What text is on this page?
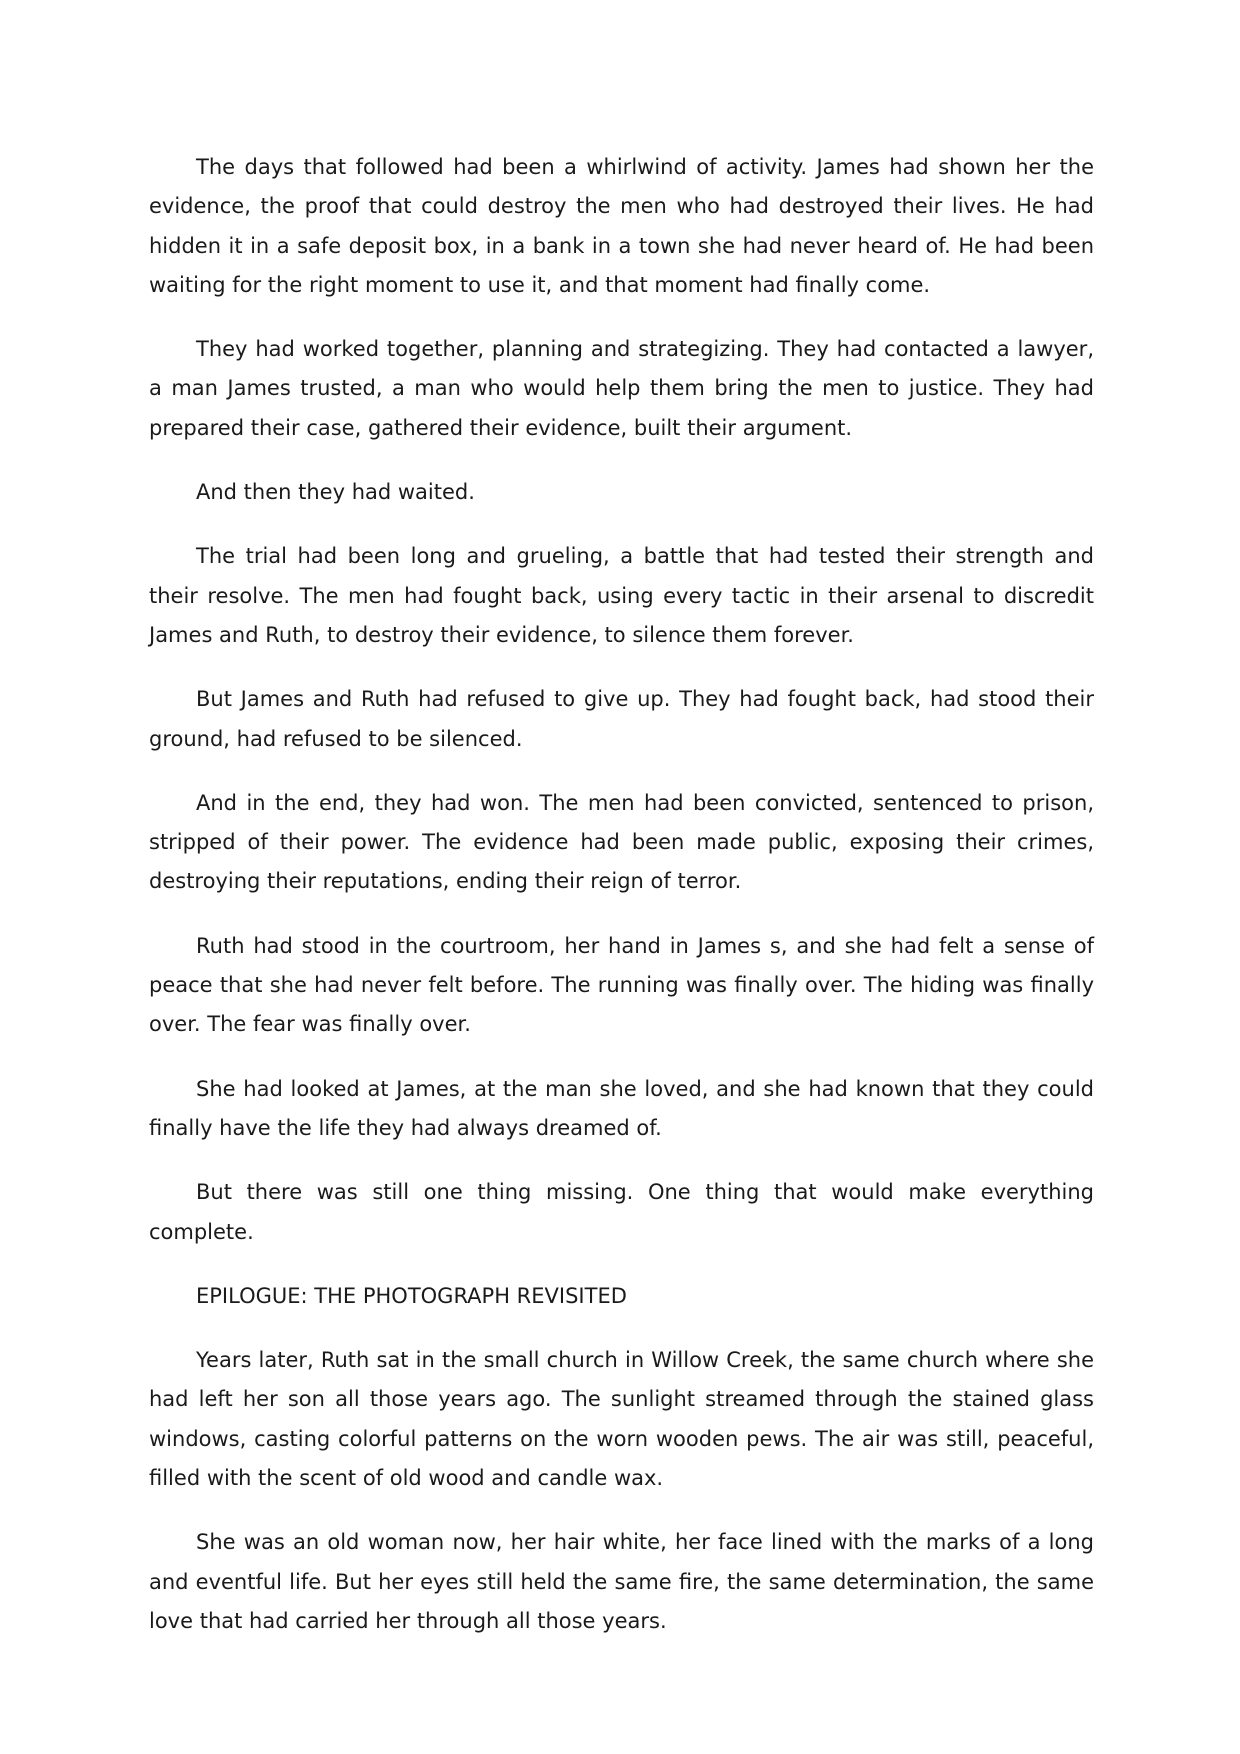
The days that followed had been a whirlwind of activity. James had shown her the evidence, the proof that could destroy the men who had destroyed their lives. He had hidden it in a safe deposit box, in a bank in a town she had never heard of. He had been waiting for the right moment to use it, and that moment had finally come.

They had worked together, planning and strategizing. They had contacted a lawyer, a man James trusted, a man who would help them bring the men to justice. They had prepared their case, gathered their evidence, built their argument.

And then they had waited.

The trial had been long and grueling, a battle that had tested their strength and their resolve. The men had fought back, using every tactic in their arsenal to discredit James and Ruth, to destroy their evidence, to silence them forever.

But James and Ruth had refused to give up. They had fought back, had stood their ground, had refused to be silenced.

And in the end, they had won. The men had been convicted, sentenced to prison, stripped of their power. The evidence had been made public, exposing their crimes, destroying their reputations, ending their reign of terror.

Ruth had stood in the courtroom, her hand in James s, and she had felt a sense of peace that she had never felt before. The running was finally over. The hiding was finally over. The fear was finally over.

She had looked at James, at the man she loved, and she had known that they could finally have the life they had always dreamed of.

But there was still one thing missing. One thing that would make everything complete.

EPILOGUE: THE PHOTOGRAPH REVISITED

Years later, Ruth sat in the small church in Willow Creek, the same church where she had left her son all those years ago. The sunlight streamed through the stained glass windows, casting colorful patterns on the worn wooden pews. The air was still, peaceful, filled with the scent of old wood and candle wax.

She was an old woman now, her hair white, her face lined with the marks of a long and eventful life. But her eyes still held the same fire, the same determination, the same love that had carried her through all those years.
